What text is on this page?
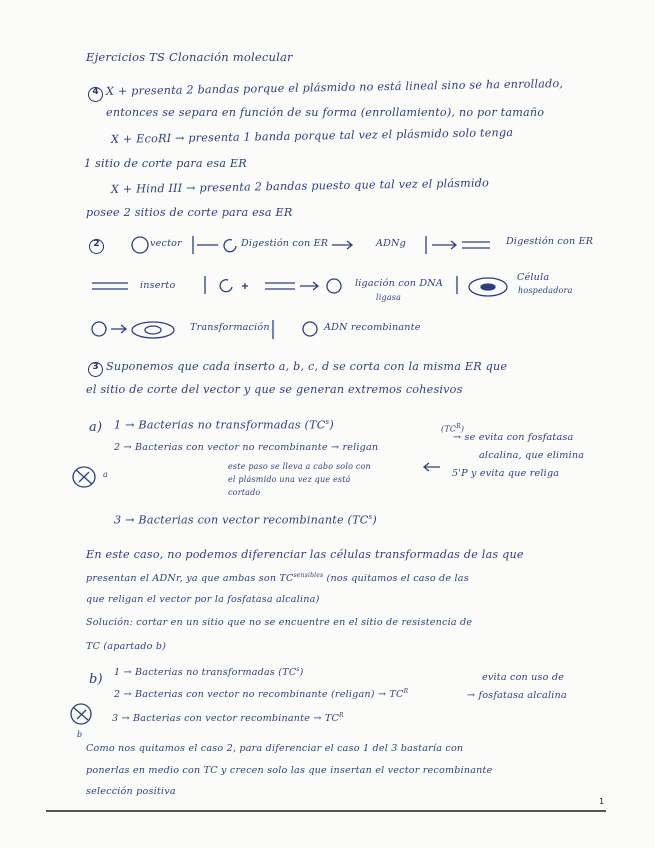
Ejercicios TS Clonación molecular
4 X + presenta 2 bandas porque el plásmido no está lineal sino se ha enrollado,
entonces se separa en función de su forma (enrollamiento), no por tamaño
X + EcoRI → presenta 1 banda porque tal vez el plásmido solo tenga
1 sitio de corte para esa ER
X + Hind III → presenta 2 bandas puesto que tal vez el plásmido
posee 2 sitios de corte para esa ER
2	vector	Digestión con ER	ADNg	Digestión con ER
inserto	ligación con DNA
ligasa
Célula
hospedadora
Transformación	ADN recombinante
3 Suponemos que cada inserto a, b, c, d se corta con la misma ER que
el sitio de corte del vector y que se generan extremos cohesivos
a) 1 → Bacterias no transformadas $(TC^s)$	$(TC^R)$
2 → Bacterias con vector no recombinante → religan
→ se evita con fosfatasa
alcalina, que elimina
5'P y evita que religa
a
este paso se lleva a cabo solo con
el plásmido una vez que está
cortado
3 → Bacterias con vector recombinante $(TC^s)$
En este caso, no podemos diferenciar las células transformadas de las que
presentan el ADNr, ya que ambas son $TC^{sensibles}$ (nos quitamos el caso de las
que religan el vector por la fosfatasa alcalina)
Solución: cortar en un sitio que no se encuentre en el sitio de resistencia de
TC (apartado b)
b) 1 → Bacterias no transformadas $(TC^s)$	evita con uso de
2 → Bacterias con vector no recombinante (religan) → $TC^R$	→ fosfatasa alcalina
3 → Bacterias con vector recombinante → $TC^R$
b
Como nos quitamos el caso 2, para diferenciar el caso 1 del 3 bastaría con
ponerlas en medio con TC y crecen solo las que insertan el vector recombinante
selección positiva
1
